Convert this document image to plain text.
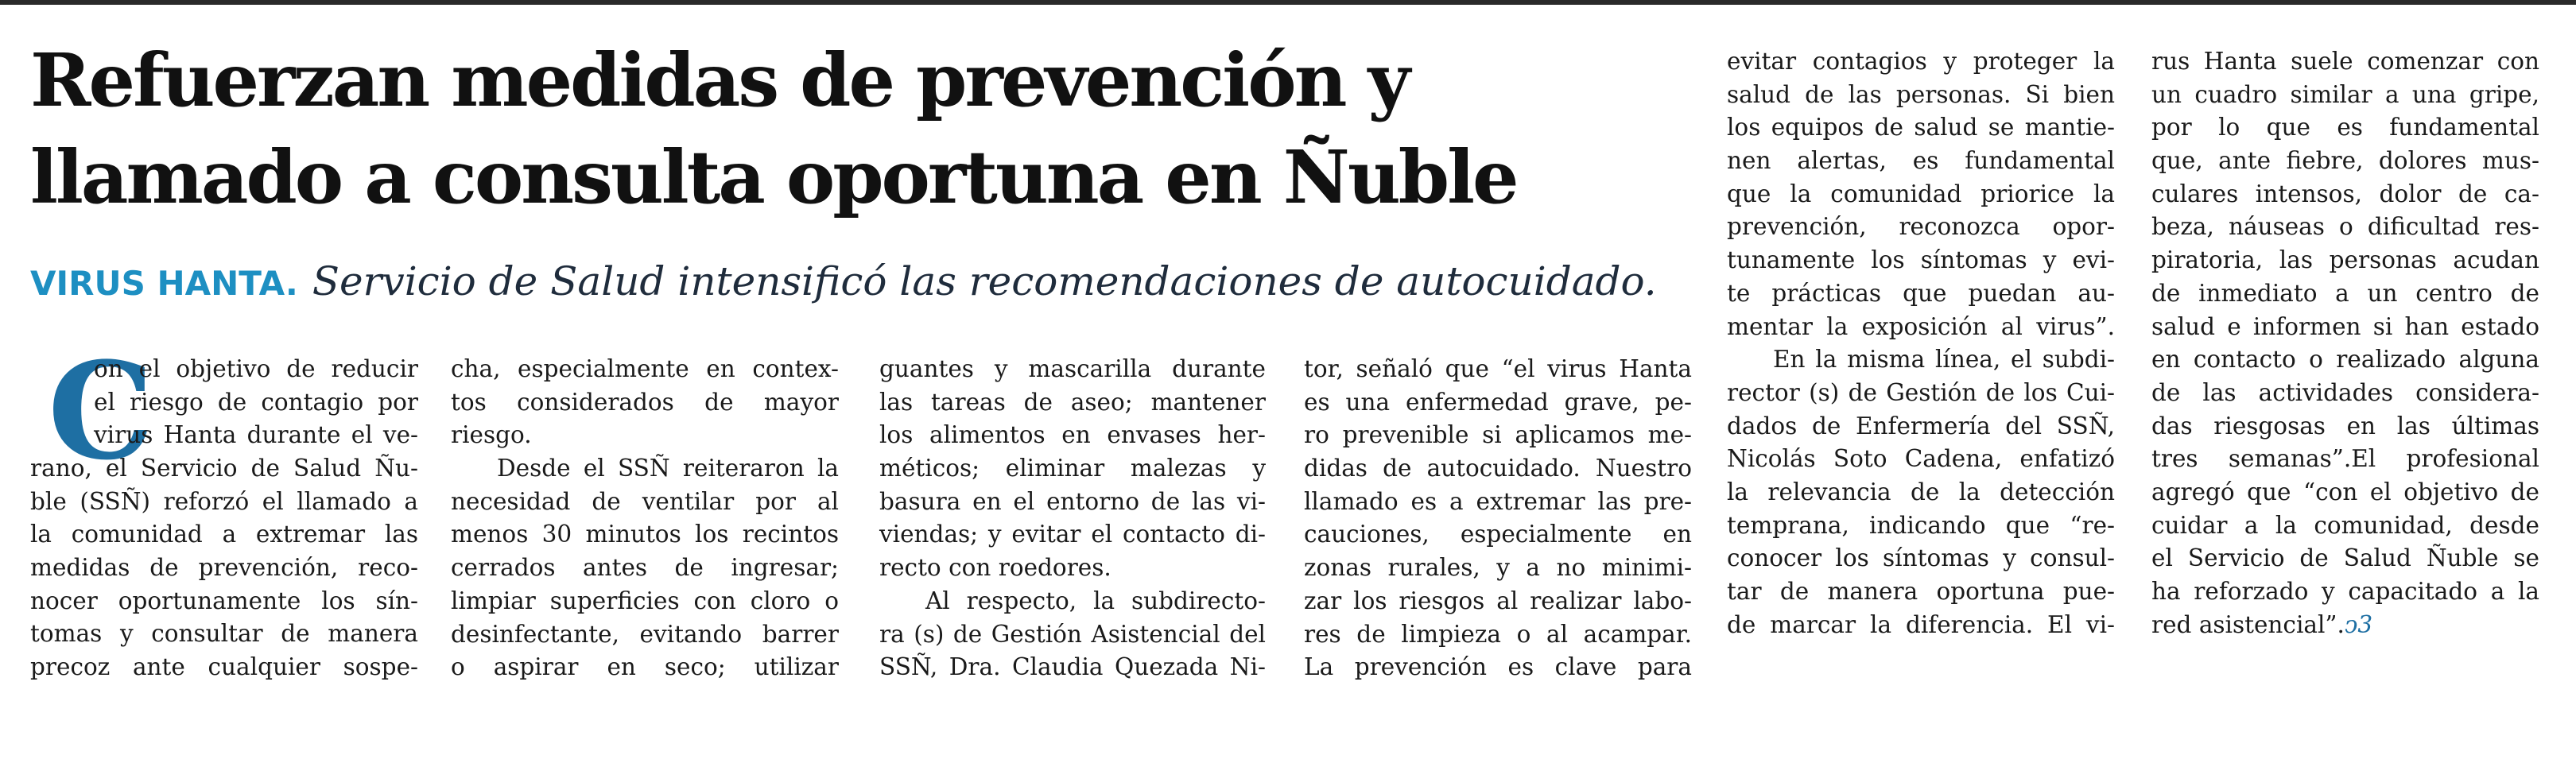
Refuerzan medidas de prevención y
llamado a consulta oportuna en Ñuble
VIRUS HANTA. Servicio de Salud intensificó las recomendaciones de autocuidado.
C
on el objetivo de reducir
el riesgo de contagio por
virus Hanta durante el ve-
rano, el Servicio de Salud Ñu-
ble (SSÑ) reforzó el llamado a
la comunidad a extremar las
medidas de prevención, reco-
nocer oportunamente los sín-
tomas y consultar de manera
precoz ante cualquier sospe-
cha, especialmente en contex-
tos considerados de mayor
riesgo.
Desde el SSÑ reiteraron la
necesidad de ventilar por al
menos 30 minutos los recintos
cerrados antes de ingresar;
limpiar superficies con cloro o
desinfectante, evitando barrer
o aspirar en seco; utilizar
guantes y mascarilla durante
las tareas de aseo; mantener
los alimentos en envases her-
méticos; eliminar malezas y
basura en el entorno de las vi-
viendas; y evitar el contacto di-
recto con roedores.
Al respecto, la subdirecto-
ra (s) de Gestión Asistencial del
SSÑ, Dra. Claudia Quezada Ni-
tor, señaló que “el virus Hanta
es una enfermedad grave, pe-
ro prevenible si aplicamos me-
didas de autocuidado. Nuestro
llamado es a extremar las pre-
cauciones, especialmente en
zonas rurales, y a no minimi-
zar los riesgos al realizar labo-
res de limpieza o al acampar.
La prevención es clave para
evitar contagios y proteger la
salud de las personas. Si bien
los equipos de salud se mantie-
nen alertas, es fundamental
que la comunidad priorice la
prevención, reconozca opor-
tunamente los síntomas y evi-
te prácticas que puedan au-
mentar la exposición al virus”.
En la misma línea, el subdi-
rector (s) de Gestión de los Cui-
dados de Enfermería del SSÑ,
Nicolás Soto Cadena, enfatizó
la relevancia de la detección
temprana, indicando que “re-
conocer los síntomas y consul-
tar de manera oportuna pue-
de marcar la diferencia. El vi-
rus Hanta suele comenzar con
un cuadro similar a una gripe,
por lo que es fundamental
que, ante fiebre, dolores mus-
culares intensos, dolor de ca-
beza, náuseas o dificultad res-
piratoria, las personas acudan
de inmediato a un centro de
salud e informen si han estado
en contacto o realizado alguna
de las actividades considera-
das riesgosas en las últimas
tres semanas”.El profesional
agregó que “con el objetivo de
cuidar a la comunidad, desde
el Servicio de Salud Ñuble se
ha reforzado y capacitado a la
red asistencial”.ↄ3
